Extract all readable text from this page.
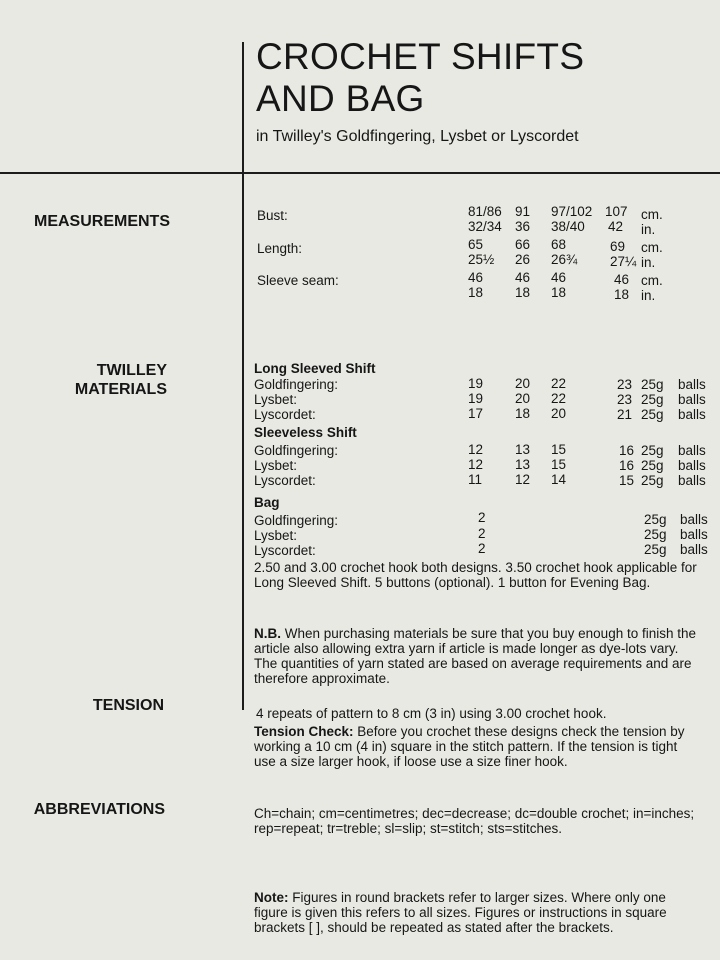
CROCHET SHIFTS
AND BAG
in Twilley's Goldfingering, Lysbet or Lyscordet
MEASUREMENTS
TWILLEY
MATERIALS
TENSION
ABBREVIATIONS
Bust:	81/86 91 97/102 107 cm.
32/34 36 38/40 42 in.
Length:	65 66 68	69 cm.
25½ 26 26¾ 27¼ in.
Sleeve seam:	46 46 46	46 cm.
18 18 18	18 in.
Long Sleeved Shift
Goldfingering:	19 20 22	23 25g balls
Lysbet:	19 20 22	23 25g balls
Lyscordet:	17 18 20	21 25g balls
Sleeveless Shift
Goldfingering:	12 13 15	16 25g balls
Lysbet:	12 13 15	16 25g balls
Lyscordet:	11 12 14	15 25g balls
Bag
Goldfingering:	2	25g balls
Lysbet:	2	25g balls
Lyscordet:	2	25g balls
2.50 and 3.00 crochet hook both designs. 3.50 crochet hook applicable for Long Sleeved Shift. 5 buttons (optional). 1 button for Evening Bag.
N.B. When purchasing materials be sure that you buy enough to finish the article also allowing extra yarn if article is made longer as dye-lots vary. The quantities of yarn stated are based on average requirements and are therefore approximate.
4 repeats of pattern to 8 cm (3 in) using 3.00 crochet hook.
Tension Check: Before you crochet these designs check the tension by working a 10 cm (4 in) square in the stitch pattern. If the tension is tight use a size larger hook, if loose use a size finer hook.
Ch=chain; cm=centimetres; dec=decrease; dc=double crochet; in=inches; rep=repeat; tr=treble; sl=slip; st=stitch; sts=stitches.
Note: Figures in round brackets refer to larger sizes. Where only one figure is given this refers to all sizes. Figures or instructions in square brackets [ ], should be repeated as stated after the brackets.
